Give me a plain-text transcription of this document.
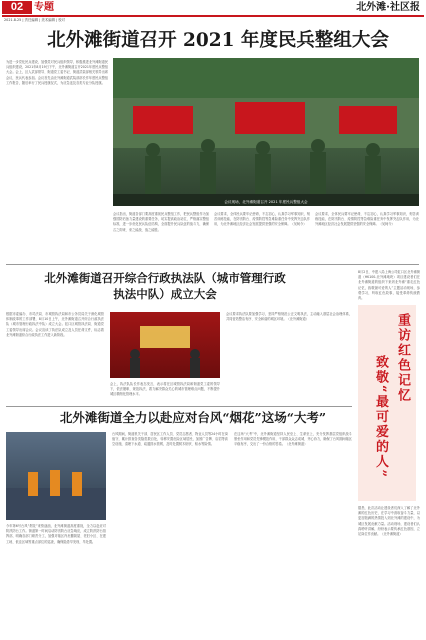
02	专题	北外滩·社区报
2021.8.25 | 责任编辑 | 美术编辑 | 校对
北外滩街道召开 2021 年度民兵整组大会
为进一步党化民兵建设，加强党对民兵组织领导，积极推进北外滩街道民兵组织建设，2021年8月19日下午，北外滩街道召开2021年度民兵整组大会。会上，区人武部领导、街道党工委书记、街道武装部相关领导出席会议，民兵代表参加。会议首先由北外滩街道武装部部长作年度民兵整组工作报告，随后举行了民兵授旗仪式，为应急连及各类专业分队授旗。
会议现场，北外滩街道召开 2021 年度民兵整组大会
会议指出，街道各部门要高度重视民兵整组工作，把民兵整组作为加强国防后备力量建设的重要任务，切实提高政治站位，严格落实整组标准，进一步优化民兵队伍结构，全面提升民兵队伍的战斗力，确保召之即来、来之能战、战之能胜。
会议要求，全体民兵要牢记使命，不忘初心，认真学习军事知识，刻苦训练技能，在防汛防台、疫情防控等急难险重任务中发挥突击队作用，为北外滩地区经济社会发展提供坚强的安全保障。（吴柯今）
会议要求，全体民兵要牢记使命，不忘初心，认真学习军事知识，刻苦训练技能，在防汛防台、疫情防控等急难险重任务中发挥突击队作用，为北外滩地区经济社会发展提供坚强的安全保障。（吴柯今）
北外滩街道召开综合行政执法队（城市管理行政执法中队）成立大会
根据市委编办、市司法局、市城管执法局和市公务员局关于深化城管体制改革的工作部署，8月10日上午，北外滩街道召开综合行政执法队（城市管理行政执法中队）成立大会。虹口区城管执法局、街道党工委领导出席会议。会议宣读了执法队成立及人员任命文件，标志着北外滩街道综合行政执法工作进入新阶段。
会上，执法队队长作表态发言，表示将在区城管执法局和街道党工委的领导下，依法履职、规范执法，着力解决群众关心的城市管理难点问题，不断提升城区精细化管理水平。
会议要求执法队要加强学习，坚持严格规范公正文明执法，主动融入基层社会治理体系，共同营造整洁有序、安全和谐的城区环境。（北外滩街道）
北外滩街道全力以赴应对台风“烟花”这场“大考”
今年第6号台风“烟花”来势汹汹，北外滩街道高度重视，全力以赴应对防汛防台工作。街道第一时间启动防汛防台应急响应，成立防汛防台指挥部，明确各部门职责分工，加强对辖区内危棚简屋、老旧小区、在建工地、低洼区域等重点部位的巡查，确保隐患早发现、早处置。
台风期间，街道机关干部、居民区工作人员、党员志愿者、物业人员等24小时在岗值守，累计排查各类隐患数百处，转移安置危险区域居民，加固广告牌、店招等高空设施，清理下水道、疏通排水管网，及时处置树木倒伏、积水等险情。
在这场“大考”中，北外滩街道坚持人民至上、生命至上，充分发挥基层党组织战斗堡垒作用和党员先锋模范作用，干部群众众志成城、齐心协力，确保了台风期间辖区平稳有序，交出了一份合格的答卷。（北外滩街道）
8月2日，中建八局上海公司虹口区北外滩街道（HK100-北外滩地块）项目建设者们在北外滩街道的组织下来到北外滩“重走红色记忆，致敬最可爱的人”主题活动现场，参观学习，听取红色故事，接受革命传统教育。
重访红色记忆
致敬“最可爱的人”
据悉，此次活动让建设者们深入了解了北外滩的红色历史，在学习中汲取奋斗力量，以更加饱满的热情投入到北外滩的建设中，为城区发展贡献力量。活动现场，建设者们认真聆听讲解，纷纷表示要传承红色基因，立足岗位作贡献。（北外滩街道）
